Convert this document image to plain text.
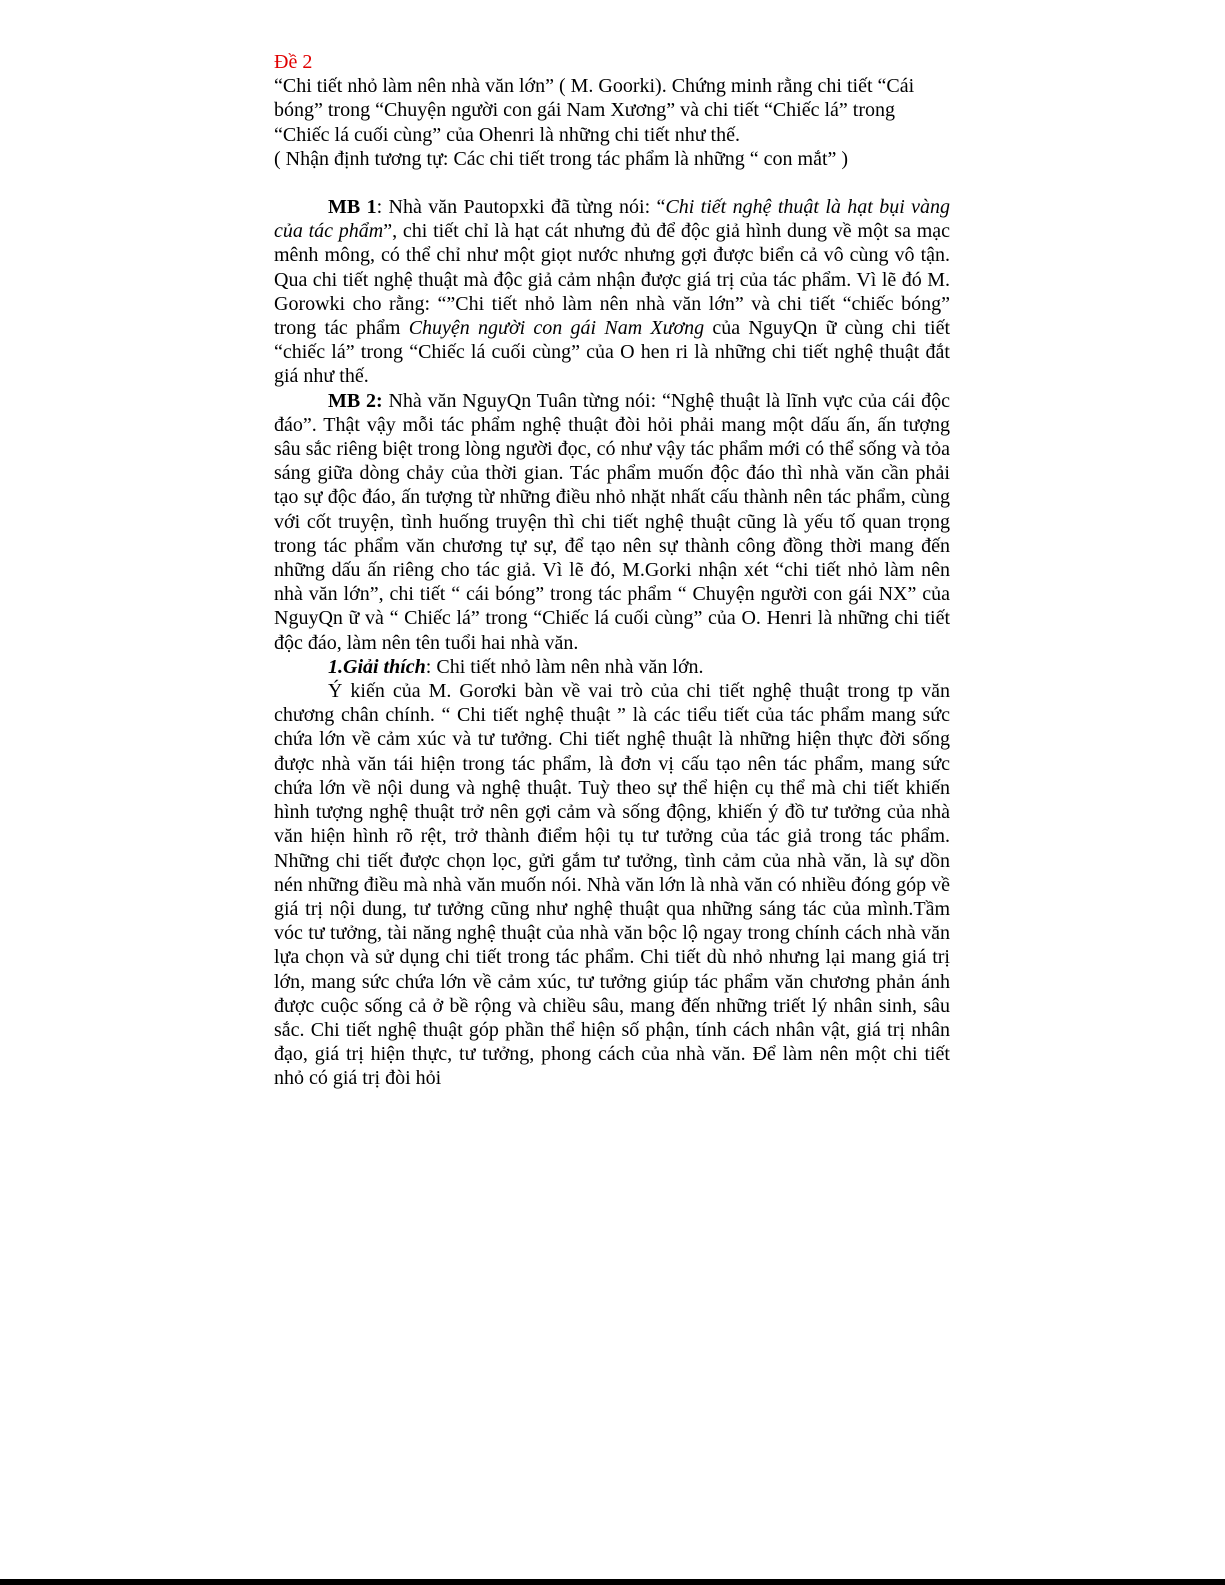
Đề 2

“Chi tiết nhỏ làm nên nhà văn lớn” ( M. Goorki). Chứng minh rằng chi tiết “Cái bóng” trong “Chuyện người con gái Nam Xương” và chi tiết “Chiếc lá” trong “Chiếc lá cuối cùng” của Ohenri là những chi tiết như thế.

( Nhận định tương tự: Các chi tiết trong tác phẩm là những “ con mắt” )

MB 1: Nhà văn Pautopxki đã từng nói: “Chi tiết nghệ thuật là hạt bụi vàng của tác phẩm”, chi tiết chỉ là hạt cát nhưng đủ để độc giả hình dung về một sa mạc mênh mông, có thể chỉ như một giọt nước nhưng gợi được biển cả vô cùng vô tận. Qua chi tiết nghệ thuật mà độc giả cảm nhận được giá trị của tác phẩm. Vì lẽ đó M. Gorowki cho rằng: “”Chi tiết nhỏ làm nên nhà văn lớn” và chi tiết “chiếc bóng” trong tác phẩm Chuyện người con gái Nam Xương của NguyQn ữ cùng chi tiết “chiếc lá” trong “Chiếc lá cuối cùng” của O hen ri là những chi tiết nghệ thuật đắt giá như thế.

MB 2: Nhà văn NguyQn Tuân từng nói: “Nghệ thuật là lĩnh vực của cái độc đáo”. Thật vậy mỗi tác phẩm nghệ thuật đòi hỏi phải mang một dấu ấn, ấn tượng sâu sắc riêng biệt trong lòng người đọc, có như vậy tác phẩm mới có thể sống và tỏa sáng giữa dòng chảy của thời gian. Tác phẩm muốn độc đáo thì nhà văn cần phải tạo sự độc đáo, ấn tượng từ những điều nhỏ nhặt nhất cấu thành nên tác phẩm, cùng với cốt truyện, tình huống truyện thì chi tiết nghệ thuật cũng là yếu tố quan trọng trong tác phẩm văn chương tự sự, để tạo nên sự thành công đồng thời mang đến những dấu ấn riêng cho tác giả. Vì lẽ đó, M.Gorki nhận xét “chi tiết nhỏ làm nên nhà văn lớn”, chi tiết “ cái bóng” trong tác phẩm “ Chuyện người con gái NX” của NguyQn ữ và “ Chiếc lá” trong “Chiếc lá cuối cùng” của O. Henri là những chi tiết độc đáo, làm nên tên tuổi hai nhà văn.

1.Giải thích: Chi tiết nhỏ làm nên nhà văn lớn.

Ý kiến của M. Gorơki bàn về vai trò của chi tiết nghệ thuật trong tp văn chương chân chính. “ Chi tiết nghệ thuật ” là các tiểu tiết của tác phẩm mang sức chứa lớn về cảm xúc và tư tưởng. Chi tiết nghệ thuật là những hiện thực đời sống được nhà văn tái hiện trong tác phẩm, là đơn vị cấu tạo nên tác phẩm, mang sức chứa lớn về nội dung và nghệ thuật. Tuỳ theo sự thể hiện cụ thể mà chi tiết khiến hình tượng nghệ thuật trở nên gợi cảm và sống động, khiến ý đồ tư tưởng của nhà văn hiện hình rõ rệt, trở thành điểm hội tụ tư tưởng của tác giả trong tác phẩm. Những chi tiết được chọn lọc, gửi gắm tư tưởng, tình cảm của nhà văn, là sự dồn nén những điều mà nhà văn muốn nói. Nhà văn lớn là nhà văn có nhiều đóng góp về giá trị nội dung, tư tưởng cũng như nghệ thuật qua những sáng tác của mình.Tầm vóc tư tưởng, tài năng nghệ thuật của nhà văn bộc lộ ngay trong chính cách nhà văn lựa chọn và sử dụng chi tiết trong tác phẩm. Chi tiết dù nhỏ nhưng lại mang giá trị lớn, mang sức chứa lớn về cảm xúc, tư tưởng giúp tác phẩm văn chương phản ánh được cuộc sống cả ở bề rộng và chiều sâu, mang đến những triết lý nhân sinh, sâu sắc. Chi tiết nghệ thuật góp phần thể hiện số phận, tính cách nhân vật, giá trị nhân đạo, giá trị hiện thực, tư tưởng, phong cách của nhà văn. Để làm nên một chi tiết nhỏ có giá trị đòi hỏi
